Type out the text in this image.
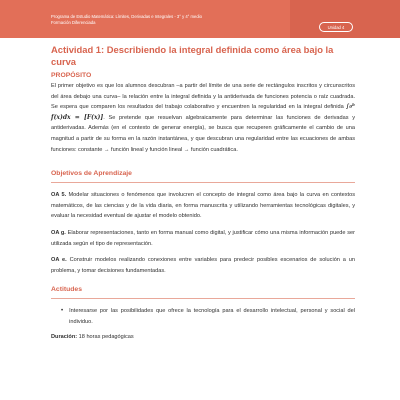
Programa de Estudio Matemática: Límites, Derivadas e Integrales - 3° y 4° medio
Formación Diferenciada
Unidad 4
Actividad 1: Describiendo la integral definida como área bajo la curva
PROPÓSITO

El primer objetivo es que los alumnos descubran –a partir del límite de una serie de rectángulos inscritos y circunscritos del área debajo una curva– la relación entre la integral definida y la antiderivada de funciones potencia o raíz cuadrada. Se espera que comparen los resultados del trabajo colaborativo y encuentren la regularidad en la integral definida ∫₀ᵇ f(x)dx = [F(x)]. Se pretende que resuelvan algebraicamente para determinar las funciones de derivadas y antiderivadas. Además (en el contexto de generar energía), se busca que recuperen gráficamente el cambio de una magnitud a partir de su forma en la razón instantánea, y que descubran una regularidad entre las ecuaciones de ambas funciones: constante → función lineal y función lineal → función cuadrática.

Objetivos de Aprendizaje

OA 5. Modelar situaciones o fenómenos que involucren el concepto de integral como área bajo la curva en contextos matemáticos, de las ciencias y de la vida diaria, en forma manuscrita y utilizando herramientas tecnológicas digitales, y evaluar la necesidad eventual de ajustar el modelo obtenido.

OA g. Elaborar representaciones, tanto en forma manual como digital, y justificar cómo una misma información puede ser utilizada según el tipo de representación.

OA e. Construir modelos realizando conexiones entre variables para predecir posibles escenarios de solución a un problema, y tomar decisiones fundamentadas.

Actitudes
• Interesarse por las posibilidades que ofrece la tecnología para el desarrollo intelectual, personal y social del individuo.

Duración: 18 horas pedagógicas
